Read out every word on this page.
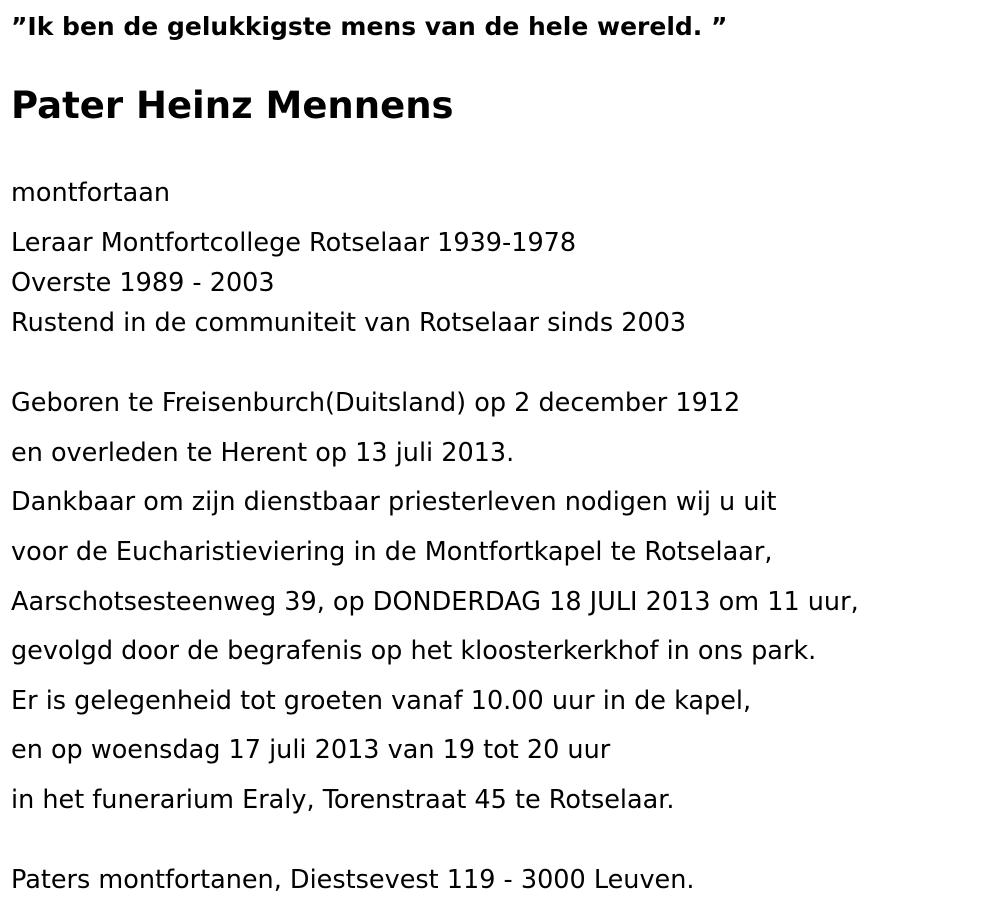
”Ik ben de gelukkigste mens van de hele wereld. ”
Pater Heinz Mennens
montfortaan
Leraar Montfortcollege Rotselaar 1939-1978
Overste 1989 - 2003
Rustend in de communiteit van Rotselaar sinds 2003
Geboren te Freisenburch(Duitsland) op 2 december 1912
en overleden te Herent op 13 juli 2013.
Dankbaar om zijn dienstbaar priesterleven nodigen wij u uit
voor de Eucharistieviering in de Montfortkapel te Rotselaar,
Aarschotsesteenweg 39, op DONDERDAG 18 JULI 2013 om 11 uur,
gevolgd door de begrafenis op het kloosterkerkhof in ons park.
Er is gelegenheid tot groeten vanaf 10.00 uur in de kapel,
en op woensdag 17 juli 2013 van 19 tot 20 uur
in het funerarium Eraly, Torenstraat 45 te Rotselaar.
Paters montfortanen, Diestsevest 119 - 3000 Leuven.
